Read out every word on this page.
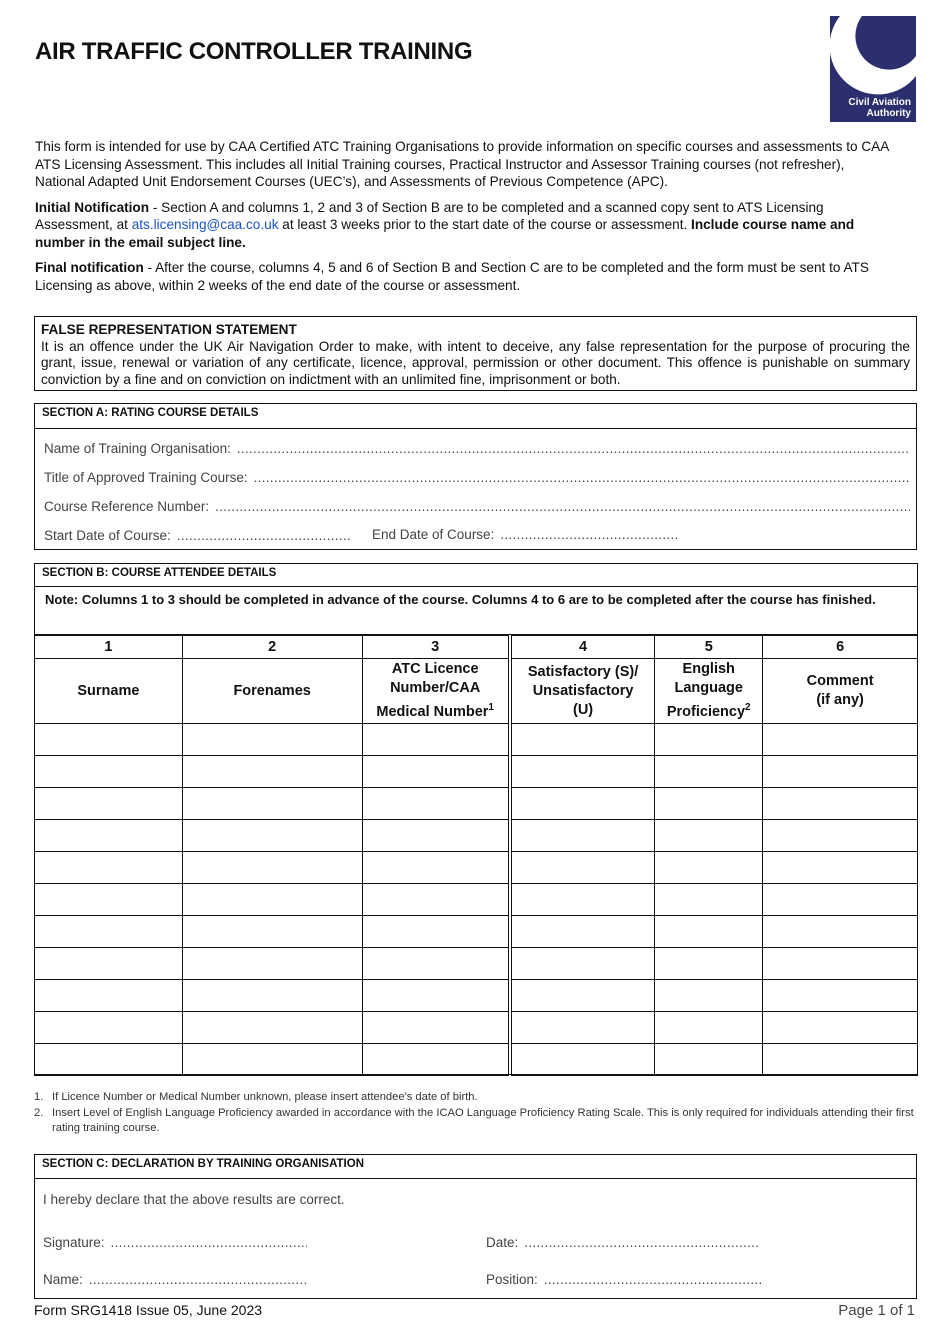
AIR TRAFFIC CONTROLLER TRAINING
Civil Aviation
Authority

This form is intended for use by CAA Certified ATC Training Organisations to provide information on specific courses and assessments to CAA ATS Licensing Assessment. This includes all Initial Training courses, Practical Instructor and Assessor Training courses (not refresher), National Adapted Unit Endorsement Courses (UEC’s), and Assessments of Previous Competence (APC).

Initial Notification - Section A and columns 1, 2 and 3 of Section B are to be completed and a scanned copy sent to ATS Licensing Assessment, at ats.licensing@caa.co.uk at least 3 weeks prior to the start date of the course or assessment. Include course name and number in the email subject line.

Final notification - After the course, columns 4, 5 and 6 of Section B and Section C are to be completed and the form must be sent to ATS Licensing as above, within 2 weeks of the end date of the course or assessment.

FALSE REPRESENTATION STATEMENT
It is an offence under the UK Air Navigation Order to make, with intent to deceive, any false representation for the purpose of procuring the grant, issue, renewal or variation of any certificate, licence, approval, permission or other document. This offence is punishable on summary conviction by a fine and on conviction on indictment with an unlimited fine, imprisonment or both.
SECTION A: RATING COURSE DETAILS
Name of Training Organisation:
.....
Title of Approved Training Course:
.....
Course Reference Number:
.....
Start Date of Course: .....	End Date of Course:
.....
SECTION B: COURSE ATTENDEE DETAILS
Note: Columns 1 to 3 should be completed in advance of the course. Columns 4 to 6 are to be completed after the course has finished.
1	2	3	4	5	6
Surname	Forenames	ATC Licence
Number/CAA
Medical Number$^1$	Satisfactory (S)/
Unsatisfactory
(U)	English
Language
Proficiency$^2$	Comment
(if any)

1. If Licence Number or Medical Number unknown, please insert attendee's date of birth.
2. Insert Level of English Language Proficiency awarded in accordance with the ICAO Language Proficiency Rating Scale. This is only required for individuals attending their first rating training course.
SECTION C: DECLARATION BY TRAINING ORGANISATION
I hereby declare that the above results are correct.
Signature: .....	Date:
.....
Name: .....	Position:
.....
Form SRG1418 Issue 05, June 2023	Page 1 of 1
